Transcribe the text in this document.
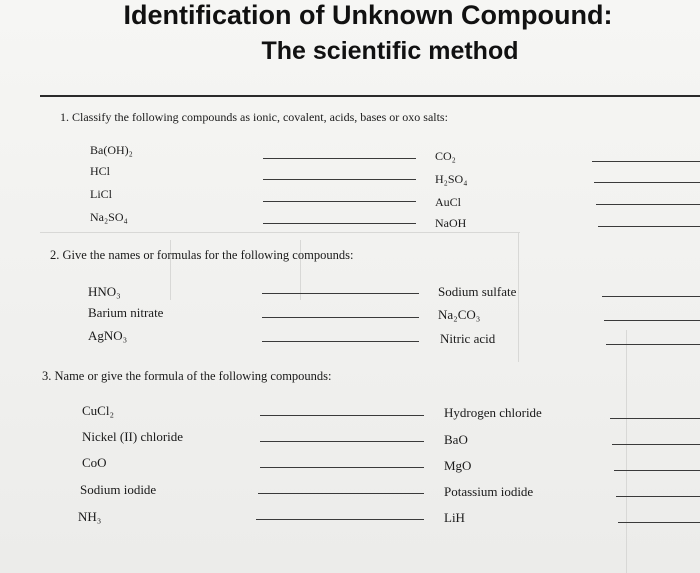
Identification of Unknown Compound:
The scientific method
1. Classify the following compounds as ionic, covalent, acids, bases or oxo salts:
Ba(OH)₂
HCl
LiCl
Na₂SO₄
CO₂
H₂SO₄
AuCl
NaOH
2. Give the names or formulas for the following compounds:
HNO₃
Barium nitrate
AgNO₃
Sodium sulfate
Na₂CO₃
Nitric acid
3. Name or give the formula of the following compounds:
CuCl₂
Nickel (II) chloride
CoO
Sodium iodide
NH₃
Hydrogen chloride
BaO
MgO
Potassium iodide
LiH
